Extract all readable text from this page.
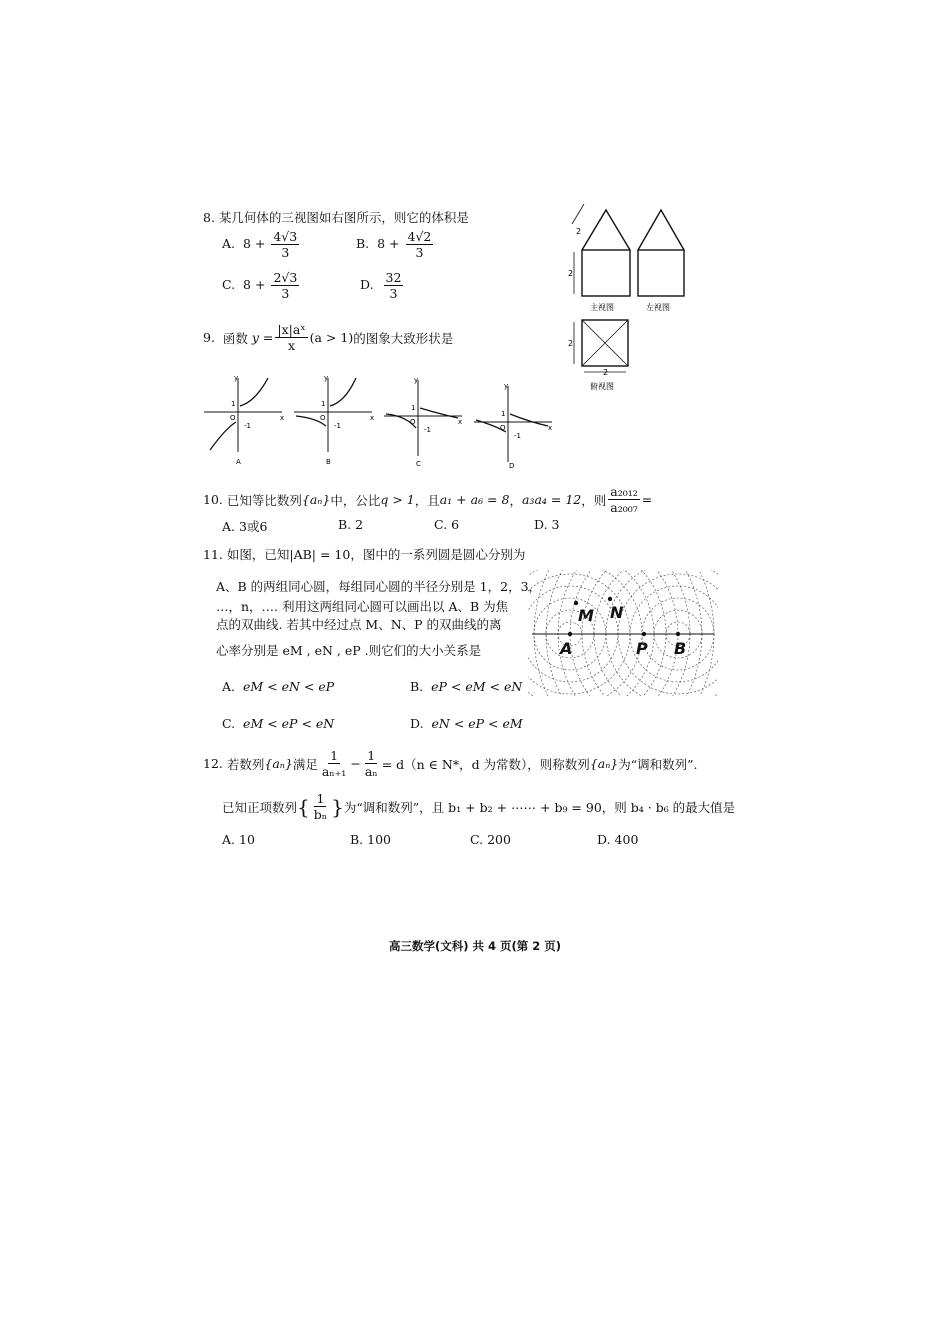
8. 某几何体的三视图如右图所示，则它的体积是
A. $8 + \frac{4√3}{3}$	B. $8 + \frac{4√2}{3}$
C. $8 + \frac{2√3}{3}$	D. $\frac{32}{3}$
2
2
主视图	左视图
2
2
俯视图
9.
函数
$y = \frac{\text{|x|aˣ}}{x} (a > 1)$ 的图象大致形状是
y
x
O
1
-1
A
y
x
O
1
-1
B
y
x
O
1
-1
C
y
x
O
1
-1
D
10.
已知等比数列 {aₙ} 中，公比 q > 1 ，且 a₁ + a₆ = 8 ， a₃a₄ = 12 ，则 $\frac{\text{a₂₀₁₂}}{\text{a₂₀₀₇}}$ =
A. 3或6	B. 2	C. 6	D. 3
11. 如图，已知|AB| = 10，图中的一系列圆是圆心分别为
A、B 的两组同心圆，每组同心圆的半径分别是 1，2，3，
…，n，…. 利用这两组同心圆可以画出以 A、B 为焦
点的双曲线. 若其中经过点 M、N、P 的双曲线的离
心率分别是 eM , eN , eP .则它们的大小关系是
M N
A	P B
A. eM < eN < eP	B. eP < eM < eN
C. eM < eP < eN	D. eN < eP < eM
12.
若数列 {aₙ} 满足 $\frac{1}{\text{aₙ₊₁}} - \frac{1}{\text{aₙ}} = d(n$ ∈ N*，d 为常数），则称数列 {aₙ} 为“调和数列”.
已知正项数列 { $\frac{1}{\text{bₙ}}$ } 为“调和数列”，且 b₁ + b₂ + ⋯⋯ + b₉ = 90，则 b₄ · b₆ 的最大值是
A. 10	B. 100	C. 200	D. 400
高三数学(文科) 共 4 页(第 2 页)
